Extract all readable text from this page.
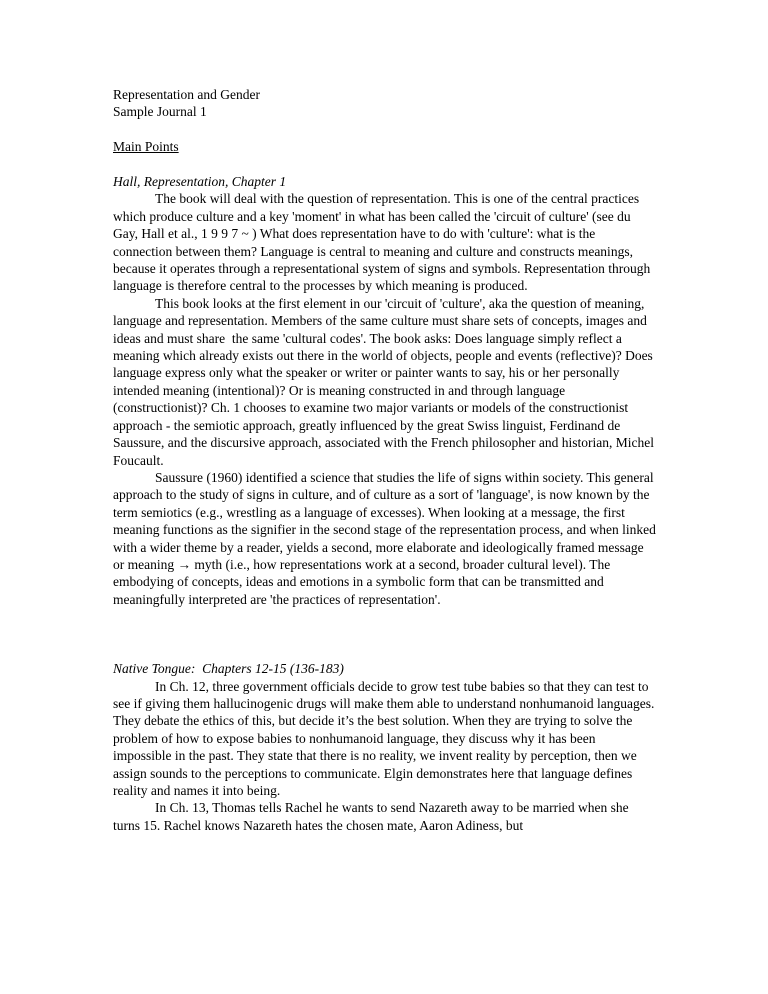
Representation and Gender

Sample Journal 1

Main Points

Hall, Representation, Chapter 1

The book will deal with the question of representation. This is one of the central practices which produce culture and a key 'moment' in what has been called the 'circuit of culture' (see du Gay, Hall et al., 1 9 9 7 ~ ) What does representation have to do with 'culture': what is the connection between them? Language is central to meaning and culture and constructs meanings, because it operates through a representational system of signs and symbols. Representation through language is therefore central to the processes by which meaning is produced.

This book looks at the first element in our 'circuit of 'culture', aka the question of meaning, language and representation. Members of the same culture must share sets of concepts, images and ideas and must share  the same 'cultural codes'. The book asks: Does language simply reflect a meaning which already exists out there in the world of objects, people and events (reflective)? Does language express only what the speaker or writer or painter wants to say, his or her personally intended meaning (intentional)? Or is meaning constructed in and through language (constructionist)? Ch. 1 chooses to examine two major variants or models of the constructionist approach - the semiotic approach, greatly influenced by the great Swiss linguist, Ferdinand de Saussure, and the discursive approach, associated with the French philosopher and historian, Michel Foucault.

Saussure (1960) identified a science that studies the life of signs within society. This general approach to the study of signs in culture, and of culture as a sort of 'language', is now known by the term semiotics (e.g., wrestling as a language of excesses). When looking at a message, the first meaning functions as the signifier in the second stage of the representation process, and when linked with a wider theme by a reader, yields a second, more elaborate and ideologically framed message or meaning → myth (i.e., how representations work at a second, broader cultural level). The embodying of concepts, ideas and emotions in a symbolic form that can be transmitted and meaningfully interpreted are 'the practices of representation'.

Native Tongue:  Chapters 12-15 (136-183)

In Ch. 12, three government officials decide to grow test tube babies so that they can test to see if giving them hallucinogenic drugs will make them able to understand nonhumanoid languages. They debate the ethics of this, but decide it’s the best solution. When they are trying to solve the problem of how to expose babies to nonhumanoid language, they discuss why it has been impossible in the past. They state that there is no reality, we invent reality by perception, then we assign sounds to the perceptions to communicate. Elgin demonstrates here that language defines reality and names it into being.

In Ch. 13, Thomas tells Rachel he wants to send Nazareth away to be married when she turns 15. Rachel knows Nazareth hates the chosen mate, Aaron Adiness, but
